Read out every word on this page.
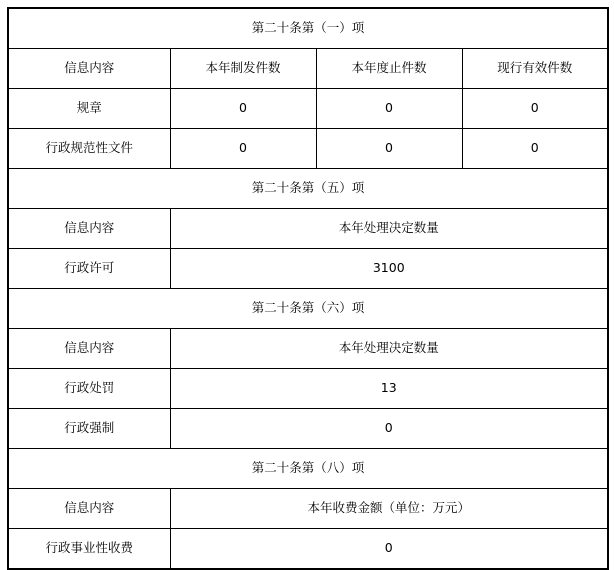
第二十条第（一）项			
信息内容	本年制发件数	本年度止件数	现行有效件数
规章	0	0	0
行政规范性文件	0	0	0
第二十条第（五）项			
信息内容	本年处理决定数量		
行政许可	3100		
第二十条第（六）项			
信息内容	本年处理决定数量		
行政处罚	13		
行政强制	0		
第二十条第（八）项			
信息内容	本年收费金额（单位：万元）		
行政事业性收费	0		
